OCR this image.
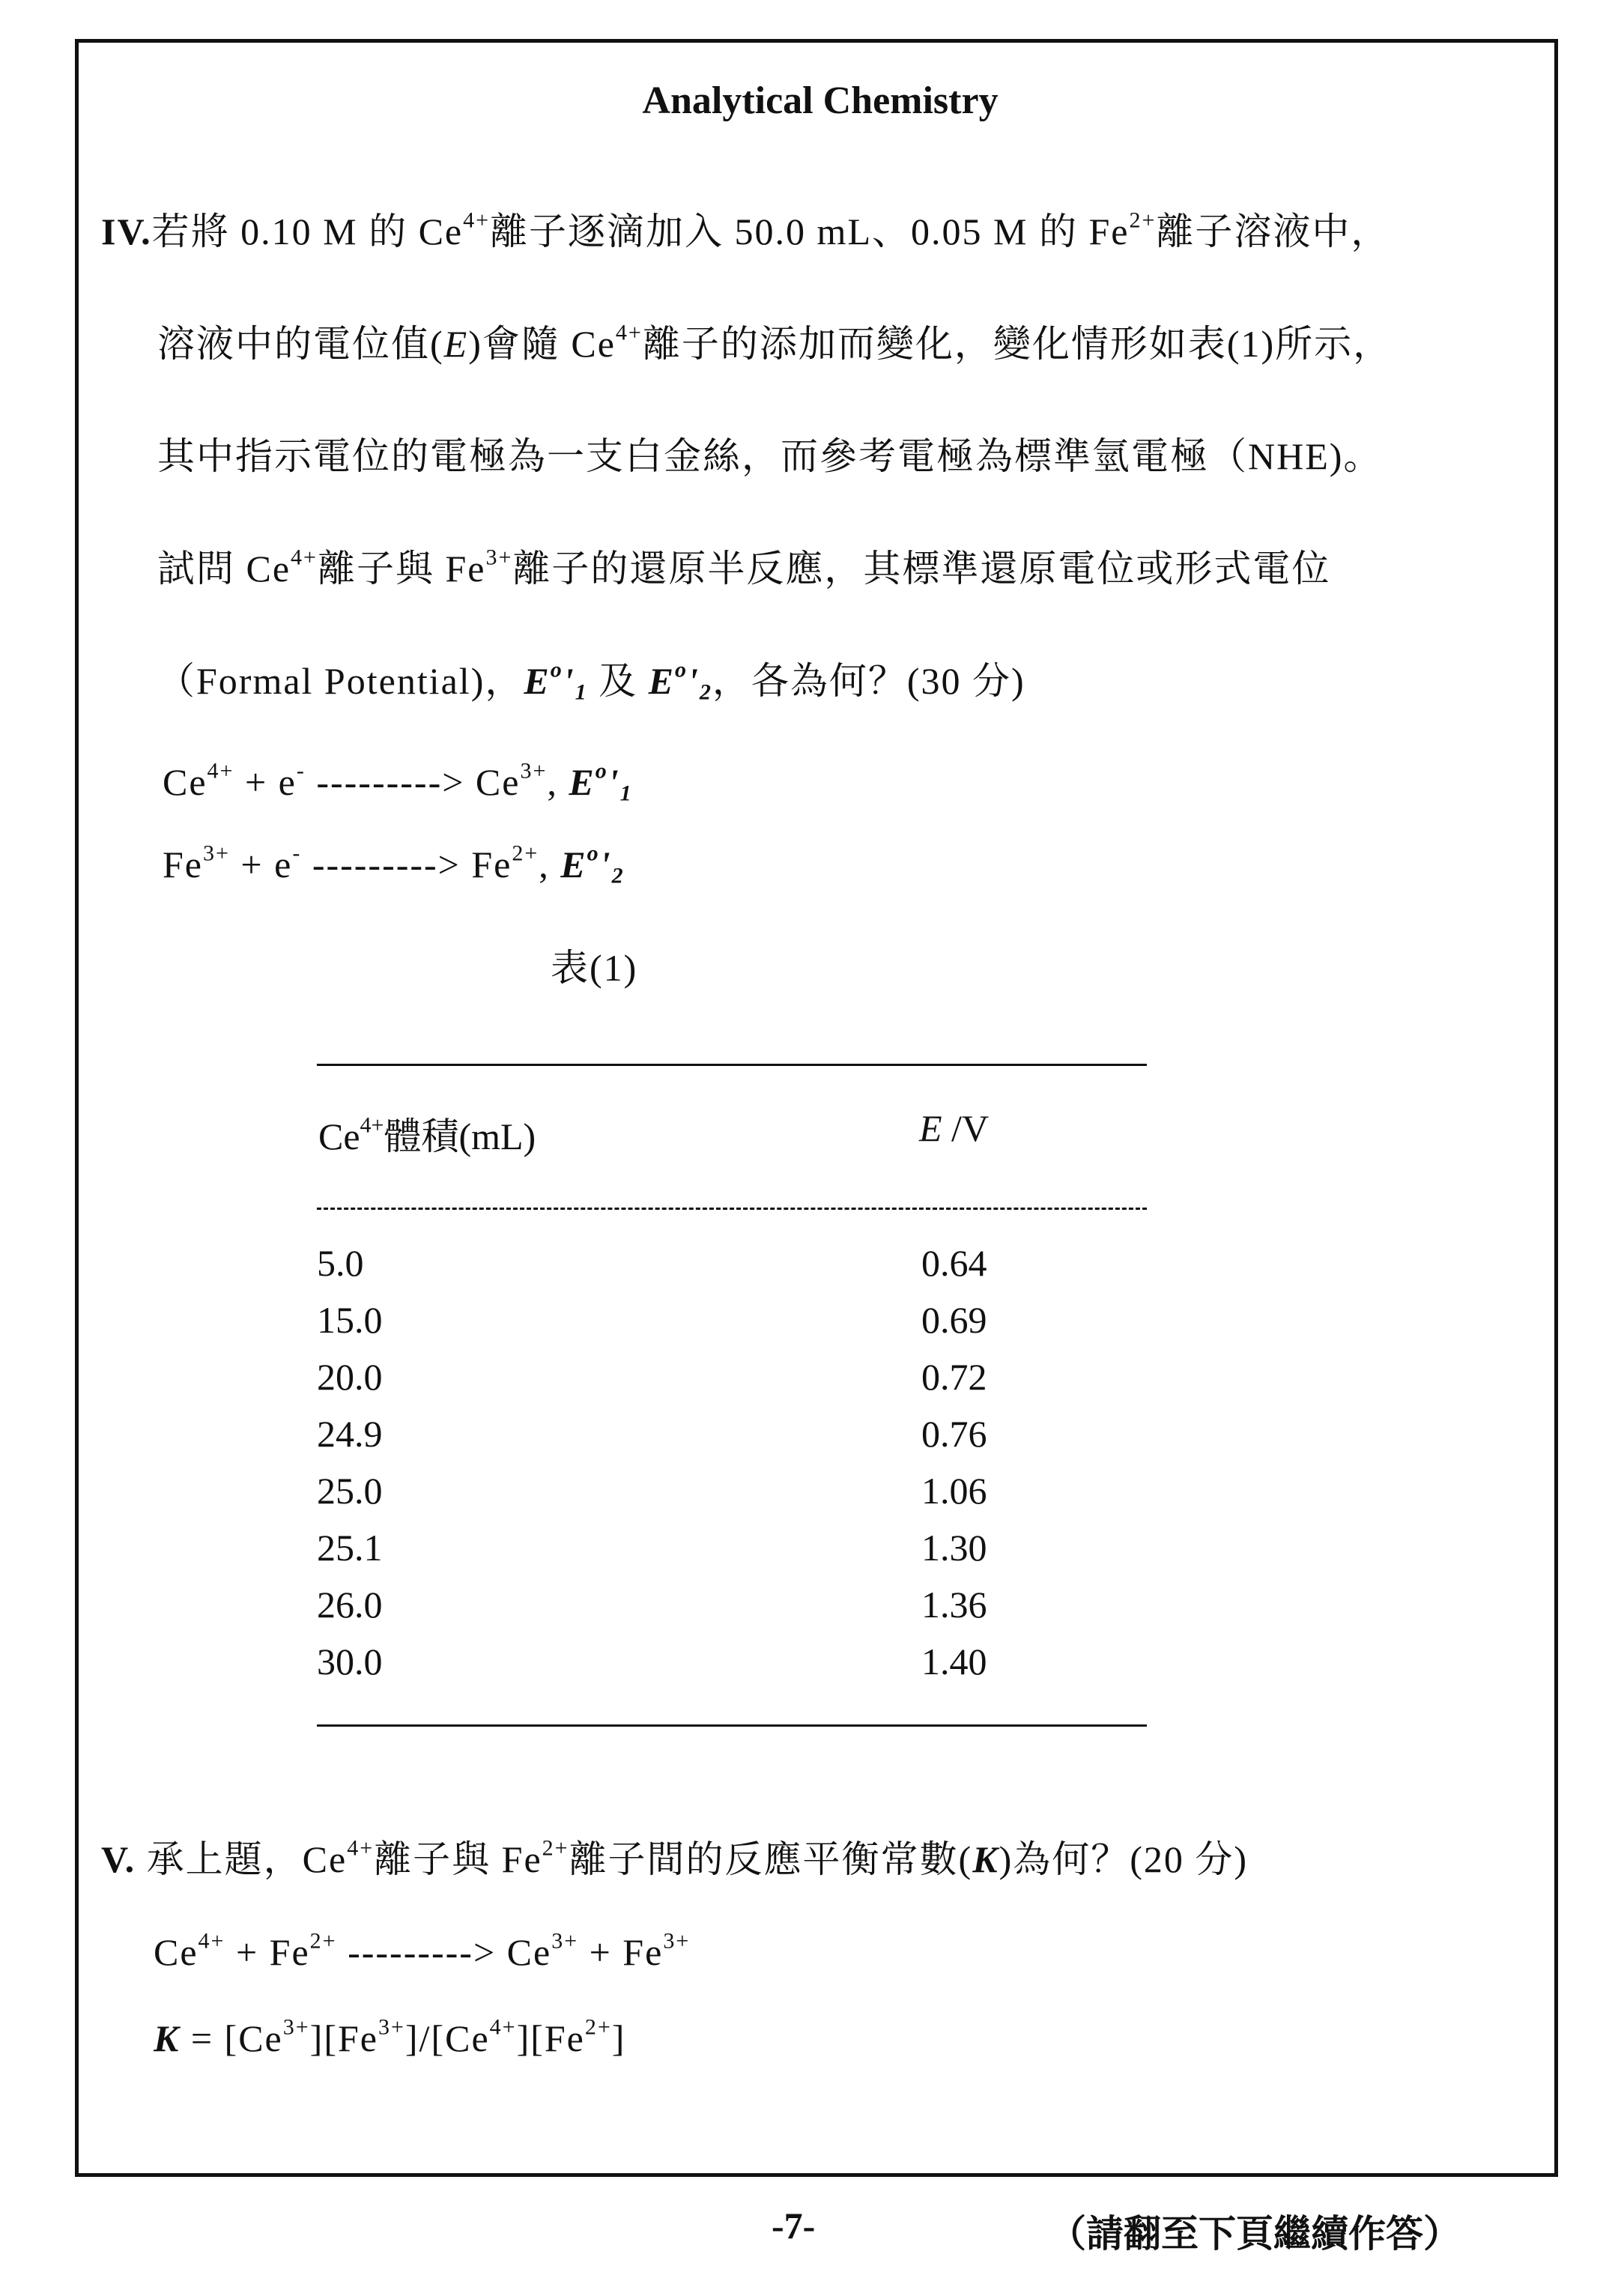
Analytical Chemistry
IV.若將 0.10 M 的 $Ce^{4+}$離子逐滴加入 50.0 mL、0.05 M 的 $Fe^{2+}$離子溶液中，
溶液中的電位值(E)會隨 $Ce^{4+}$離子的添加而變化，變化情形如表(1)所示，
其中指示電位的電極為一支白金絲，而參考電極為標準氫電極（NHE)。
試問 $Ce^{4+}$離子與 $Fe^{3+}$離子的還原半反應，其標準還原電位或形式電位
（Formal Potential)，$E^o'_1$ 及 $E^o'_2$，各為何？(30 分)
$Ce^{4+} + e^-$ ---------> $Ce^{3+}$, $E^o'_1$
$Fe^{3+} + e^-$ ---------> $Fe^{2+}$, $E^o'_2$
表(1)
$Ce^{4+}$體積(mL)	E /V
5.0	0.64
15.0	0.69
20.0	0.72
24.9	0.76
25.0	1.06
25.1	1.30
26.0	1.36
30.0	1.40
V. 承上題，$Ce^{4+}$離子與 $Fe^{2+}$離子間的反應平衡常數(K)為何？(20 分)
$Ce^{4+} + Fe^{2+}$ ---------> $Ce^{3+} + Fe^{3+}$
$K = [Ce^{3+}][Fe^{3+}]/[Ce^{4+}][Fe^{2+}]$
-7-	（請翻至下頁繼續作答）
